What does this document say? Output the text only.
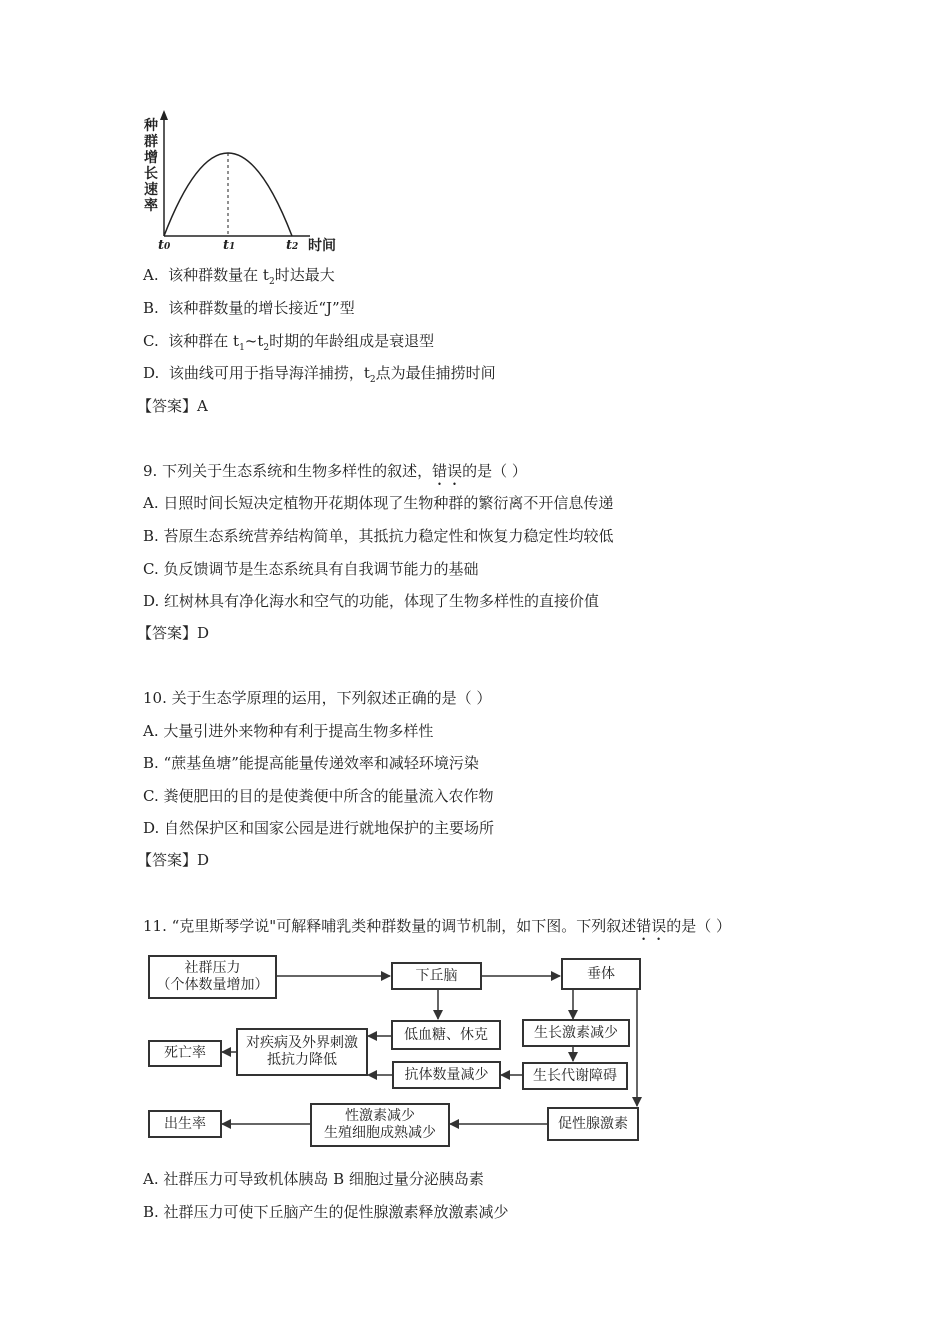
种
群
增
长
速
率
t0	t1	t2 时间
A. 该种群数量在 $t_2$时达最大
B. 该种群数量的增长接近“J”型
C. 该种群在 $t_1\sim t_2$时期的年龄组成是衰退型
D. 该曲线可用于指导海洋捕捞，$t_2$点为最佳捕捞时间
【答案】A
9. 下列关于生态系统和生物多样性的叙述，错误的是（ ）
A. 日照时间长短决定植物开花期体现了生物种群的繁衍离不开信息传递
B. 苔原生态系统营养结构简单，其抵抗力稳定性和恢复力稳定性均较低
C. 负反馈调节是生态系统具有自我调节能力的基础
D. 红树林具有净化海水和空气的功能，体现了生物多样性的直接价值
【答案】D
10. 关于生态学原理的运用，下列叙述正确的是（ ）
A. 大量引进外来物种有利于提高生物多样性
B. “蔗基鱼塘”能提高能量传递效率和减轻环境污染
C. 粪便肥田的目的是使粪便中所含的能量流入农作物
D. 自然保护区和国家公园是进行就地保护的主要场所
【答案】D
11. “克里斯琴学说"可解释哺乳类种群数量的调节机制，如下图。下列叙述错误的是（ ）
社群压力
（个体数量增加）
下丘脑	垂体
低血糖、休克	生长激素减少
对疾病及外界刺激
抵抗力降低
死亡率
抗体数量减少	生长代谢障碍
出生率	性激素减少
生殖细胞成熟减少
促性腺激素
A. 社群压力可导致机体胰岛 B 细胞过量分泌胰岛素
B. 社群压力可使下丘脑产生的促性腺激素释放激素减少
